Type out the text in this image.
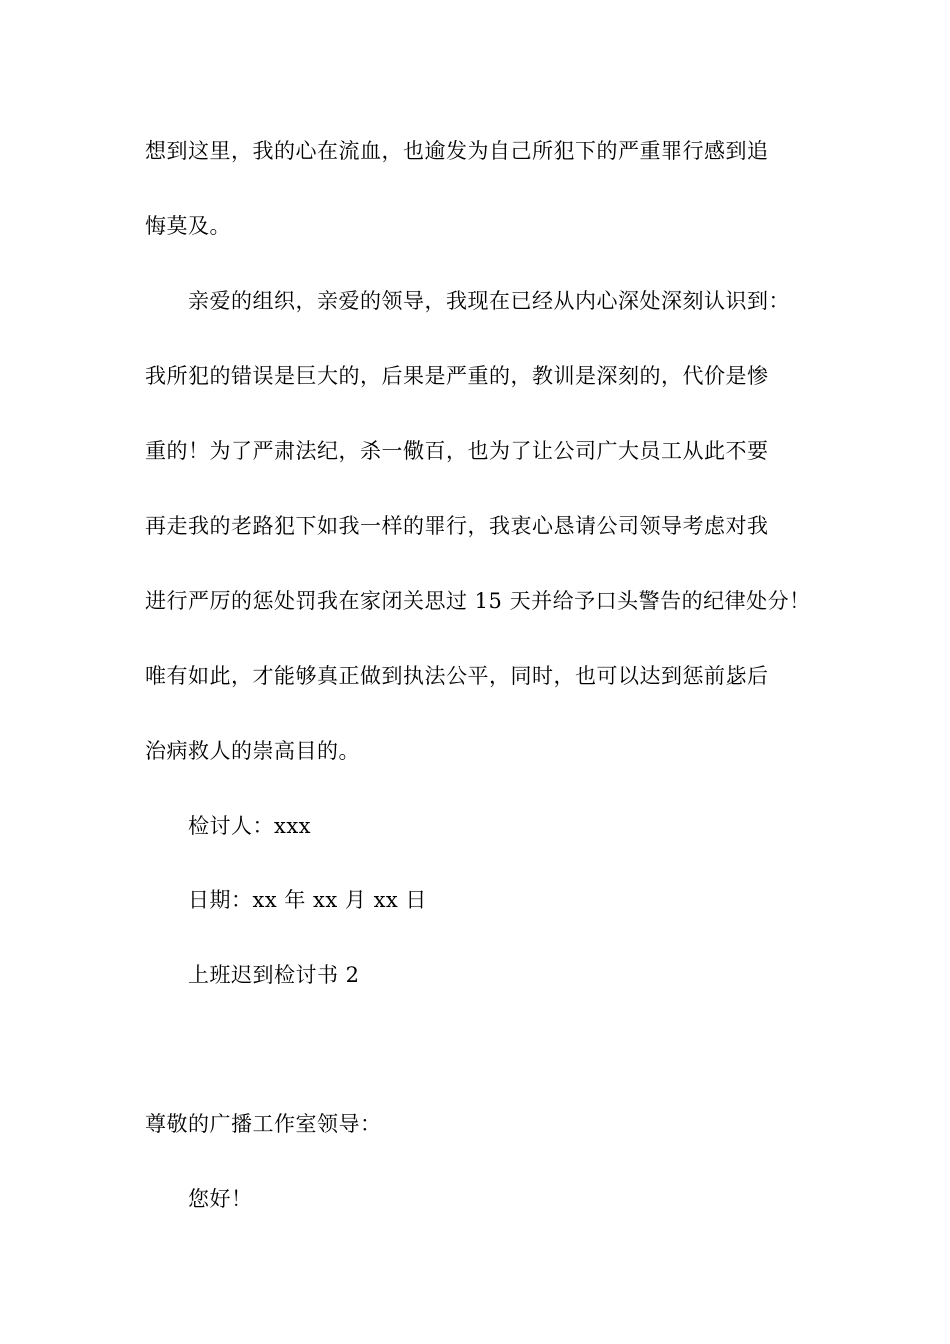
想到这里，我的心在流血，也逾发为自己所犯下的严重罪行感到追
悔莫及。
亲爱的组织，亲爱的领导，我现在已经从内心深处深刻认识到：
我所犯的错误是巨大的，后果是严重的，教训是深刻的，代价是惨
重的！为了严肃法纪，杀一儆百，也为了让公司广大员工从此不要
再走我的老路犯下如我一样的罪行，我衷心恳请公司领导考虑对我
进行严厉的惩处罚我在家闭关思过 15 天并给予口头警告的纪律处分！
唯有如此，才能够真正做到执法公平，同时，也可以达到惩前毖后
治病救人的崇高目的。
检讨人：xxx
日期：xx 年 xx 月 xx 日
上班迟到检讨书 2
尊敬的广播工作室领导：
您好！
